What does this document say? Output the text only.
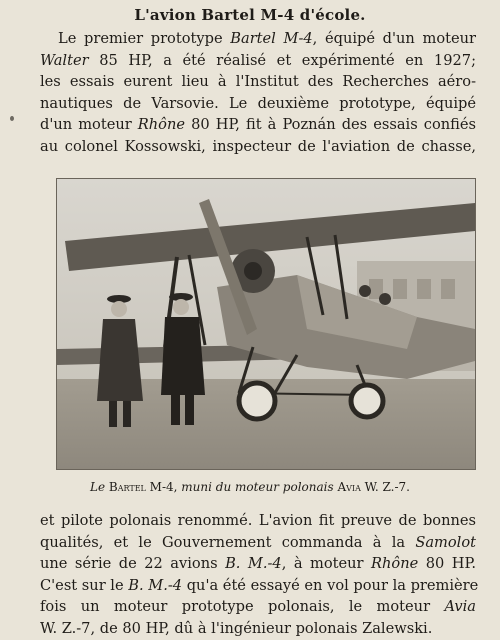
L'avion Bartel M-4 d'école.
Le premier prototype Bartel M-4, équipé d'un moteur
Walter 85 HP, a été réalisé et expérimenté en 1927;
les essais eurent lieu à l'Institut des Recherches aéro-
nautiques de Varsovie. Le deuxième prototype, équipé
d'un moteur Rhône 80 HP, fit à Poznán des essais confiés
au colonel Kossowski, inspecteur de l'aviation de chasse,
Le Bartel M-4, muni du moteur polonais Avia W. Z.-7.
et pilote polonais renommé. L'avion fit preuve de bonnes
qualités, et le Gouvernement commanda à la Samolot
une série de 22 avions B. M.-4, à moteur Rhône 80 HP.
C'est sur le B. M.-4 qu'a été essayé en vol pour la première
fois un moteur prototype polonais, le moteur Avia
W. Z.-7, de 80 HP, dû à l'ingénieur polonais Zalewski.
